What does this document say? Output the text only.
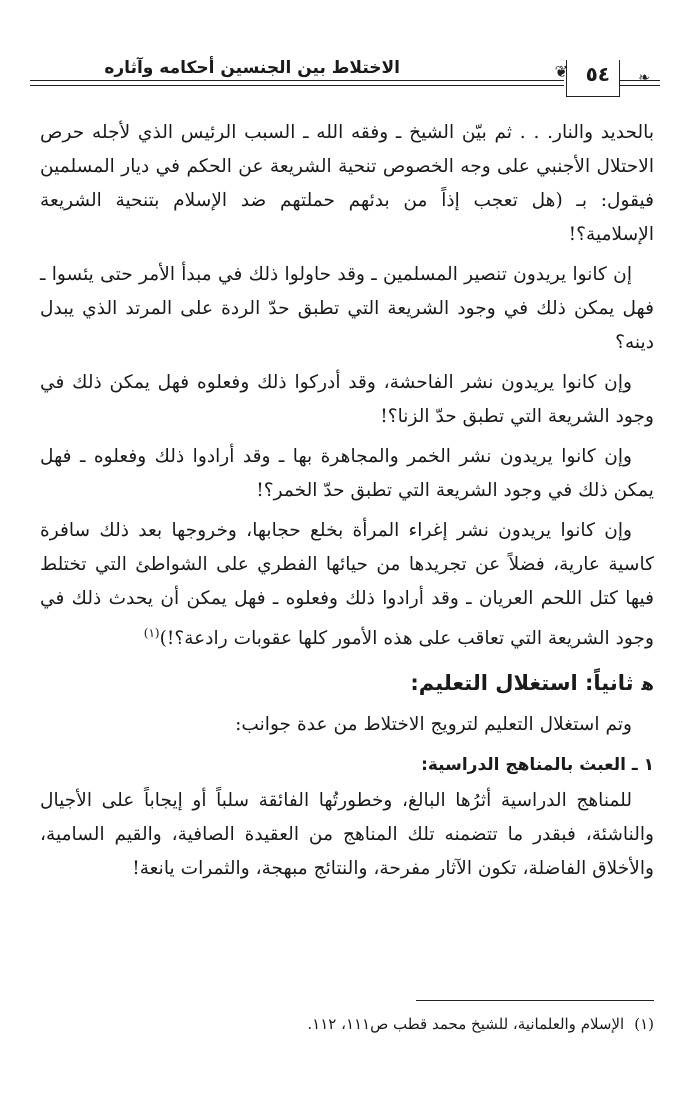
الاختلاط بين الجنسين أحكامه وآثاره	❦ ٥٤ ❧

بالحديد والنار. . . ثم بيّن الشيخ ـ وفقه الله ـ السبب الرئيس الذي لأجله حرص الاحتلال الأجنبي على وجه الخصوص تنحية الشريعة عن الحكم في ديار المسلمين فيقول: بـ (هل تعجب إذاً من بدئهم حملتهم ضد الإسلام بتنحية الشريعة الإسلامية؟!

إن كانوا يريدون تنصير المسلمين ـ وقد حاولوا ذلك في مبدأ الأمر حتى يئسوا ـ فهل يمكن ذلك في وجود الشريعة التي تطبق حدّ الردة على المرتد الذي يبدل دينه؟

وإن كانوا يريدون نشر الفاحشة، وقد أدركوا ذلك وفعلوه فهل يمكن ذلك في وجود الشريعة التي تطبق حدّ الزنا؟!

وإن كانوا يريدون نشر الخمر والمجاهرة بها ـ وقد أرادوا ذلك وفعلوه ـ فهل يمكن ذلك في وجود الشريعة التي تطبق حدّ الخمر؟!

وإن كانوا يريدون نشر إغراء المرأة بخلع حجابها، وخروجها بعد ذلك سافرة كاسية عارية، فضلاً عن تجريدها من حيائها الفطري على الشواطئ التي تختلط فيها كتل اللحم العريان ـ وقد أرادوا ذلك وفعلوه ـ فهل يمكن أن يحدث ذلك في وجود الشريعة التي تعاقب على هذه الأمور كلها عقوبات رادعة؟!)$^{(١)}$

ﻫثانياً: استغلال التعليم:

وتم استغلال التعليم لترويج الاختلاط من عدة جوانب:

١ ـ العبث بالمناهج الدراسية:

للمناهج الدراسية أثرُها البالغ، وخطورتُها الفائقة سلباً أو إيجاباً على الأجيال والناشئة، فبقدر ما تتضمنه تلك المناهج من العقيدة الصافية، والقيم السامية، والأخلاق الفاضلة، تكون الآثار مفرحة، والنتائج مبهجة، والثمرات يانعة!

(١)الإسلام والعلمانية، للشيخ محمد قطب ص١١١، ١١٢.
